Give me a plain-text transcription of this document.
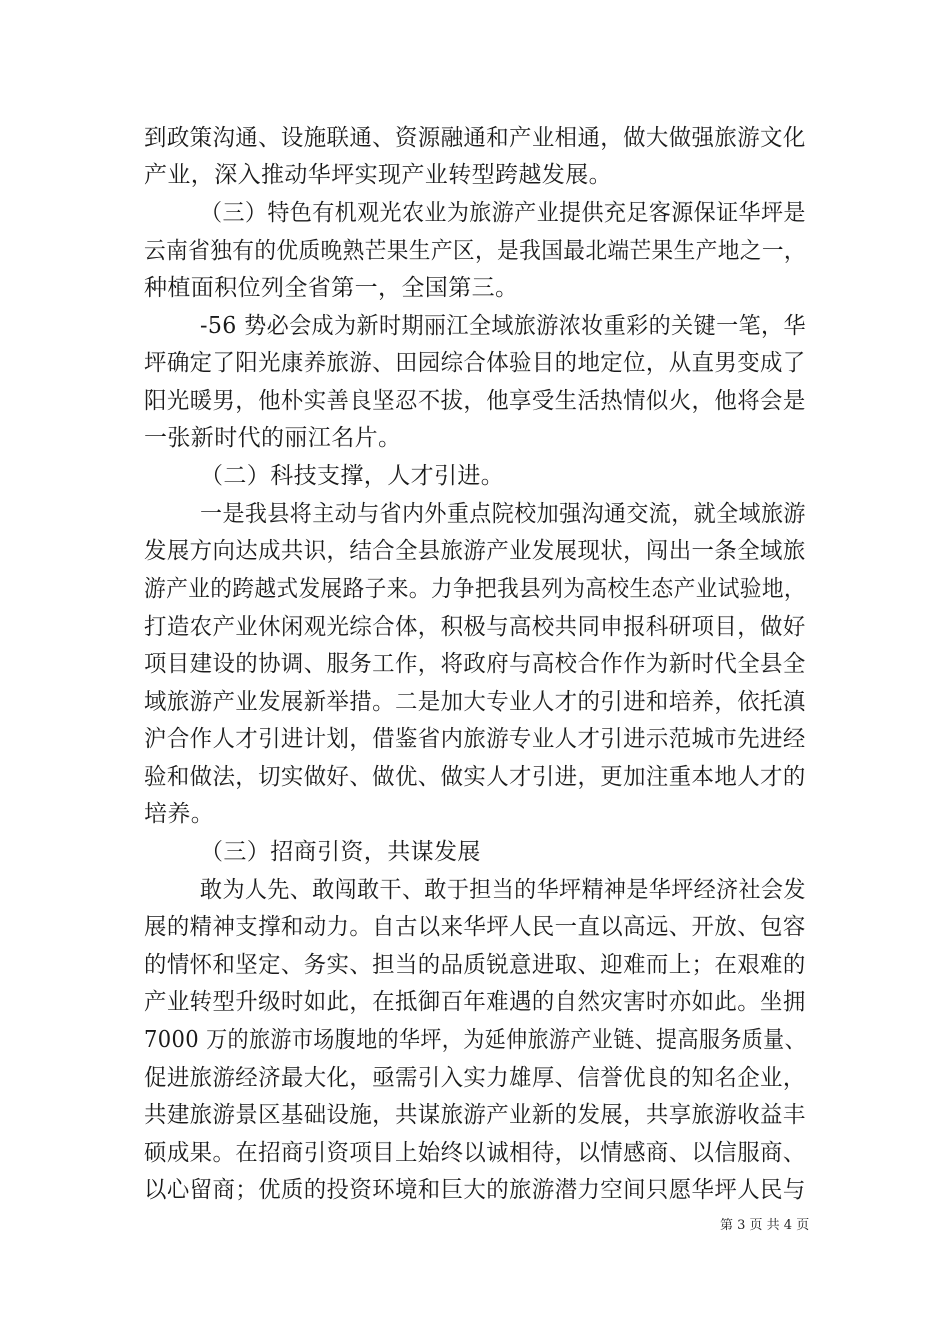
到政策沟通、设施联通、资源融通和产业相通，做大做强旅游文化
产业，深入推动华坪实现产业转型跨越发展。
（三）特色有机观光农业为旅游产业提供充足客源保证华坪是
云南省独有的优质晚熟芒果生产区，是我国最北端芒果生产地之一，
种植面积位列全省第一，全国第三。
-56 势必会成为新时期丽江全域旅游浓妆重彩的关键一笔，华
坪确定了阳光康养旅游、田园综合体验目的地定位，从直男变成了
阳光暖男，他朴实善良坚忍不拔，他享受生活热情似火，他将会是
一张新时代的丽江名片。
（二）科技支撑，人才引进。
一是我县将主动与省内外重点院校加强沟通交流，就全域旅游
发展方向达成共识，结合全县旅游产业发展现状，闯出一条全域旅
游产业的跨越式发展路子来。力争把我县列为高校生态产业试验地，
打造农产业休闲观光综合体，积极与高校共同申报科研项目，做好
项目建设的协调、服务工作，将政府与高校合作作为新时代全县全
域旅游产业发展新举措。二是加大专业人才的引进和培养，依托滇
沪合作人才引进计划，借鉴省内旅游专业人才引进示范城市先进经
验和做法，切实做好、做优、做实人才引进，更加注重本地人才的
培养。
（三）招商引资，共谋发展
敢为人先、敢闯敢干、敢于担当的华坪精神是华坪经济社会发
展的精神支撑和动力。自古以来华坪人民一直以高远、开放、包容
的情怀和坚定、务实、担当的品质锐意进取、迎难而上；在艰难的
产业转型升级时如此，在抵御百年难遇的自然灾害时亦如此。坐拥
7000 万的旅游市场腹地的华坪，为延伸旅游产业链、提高服务质量、
促进旅游经济最大化，亟需引入实力雄厚、信誉优良的知名企业，
共建旅游景区基础设施，共谋旅游产业新的发展，共享旅游收益丰
硕成果。在招商引资项目上始终以诚相待，以情感商、以信服商、
以心留商；优质的投资环境和巨大的旅游潜力空间只愿华坪人民与
第 3 页 共 4 页
